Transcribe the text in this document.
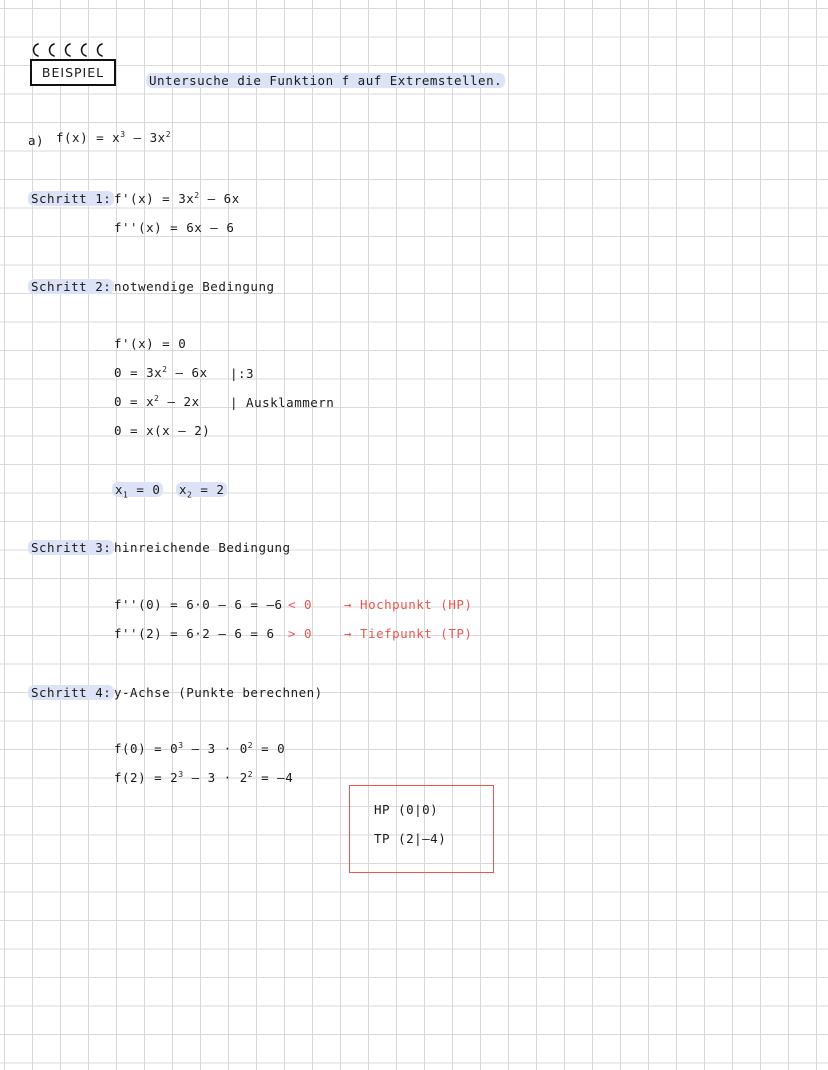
BEISPIEL
Untersuche die Funktion f auf Extremstellen.
a) $f(x) = x^3 - 3x^2$
Schritt 1: $f'(x) = 3x^2 - 6x$
f''(x) = 6x – 6
Schritt 2: notwendige Bedingung
f'(x) = 0
$0 = 3x^2 - 6x$ |:3
$0 = x^2 - 2x$ | Ausklammern
0 = x(x – 2)
$x_1 = 0$ $x_2 = 2$
Schritt 3: hinreichende Bedingung
f''(0) = 6·0 – 6 = –6 < 0	→ Hochpunkt (HP)
f''(2) = 6·2 – 6 = 6 > 0	→ Tiefpunkt (TP)
Schritt 4: y-Achse (Punkte berechnen)
$f(0) = 0^3 - 3 \cdot 0^2 = 0$
$f(2) = 2^3 - 3 \cdot 2^2 = -4$
HP (0|0)
TP (2|–4)
